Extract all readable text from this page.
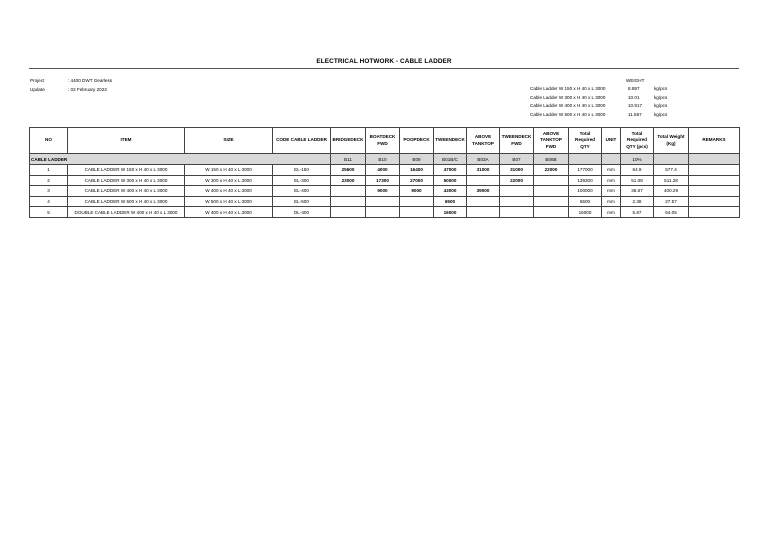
ELECTRICAL HOTWORK - CABLE LADDER
Project	: 4400 DWT Gearless
Update	: 02 February 2023
WEIGHT
Cable Ladder W 150 x H 40 x L 3000	8.897	kg/pcs
Cable Ladder W 300 x H 40 x L 3000	10.01	kg/pcs
Cable Ladder W 400 x H 40 x L 3000	10.917	kg/pcs
Cable Ladder W 500 x H 40 x L 3000	11.567	kg/pcs
NO	ITEM	SIZE	CODE CABLE LADDER	BRIDGEDECK	BOATDECK FWD	POOPDECK	TWEENDECK	ABOVE TANKTOP	TWEENDECK FWD	ABOVE TANKTOP FWD	Total Required QTY	UNIT	Total Required QTY (pcs)	Total Weight (Kg)	REMARKS
CABLE LADDER				B11	B10	B09	B01B/C	B03A	B07	B06B			10%		
1	CABLE LADDER W 150 x H 40 x L 3000	W 150 x H 40 x L 3000	EL-150	25600	4000	16400	47000	31000	31000	22000	177000	mm	64.9	577.4	
2	CABLE LADDER W 300 x H 40 x L 3000	W 300 x H 40 x L 3000	EL-300	23000	17300	27000	50000		22000		139300	mm	51.08	511.28	
3	CABLE LADDER W 400 x H 40 x L 3000	W 400 x H 40 x L 3000	EL-400		9000	9000	43000	39000			100000	mm	36.67	400.29	
4	CABLE LADDER W 500 x H 40 x L 3000	W 500 x H 40 x L 3000	EL-500				6500				6500	mm	2.38	27.57	
5	DOUBLE CABLE LADDER W 400 x H 40 x L 3000	W 400 x H 40 x L 3000	DL-400				16000				16000	mm	5.87	64.05	
